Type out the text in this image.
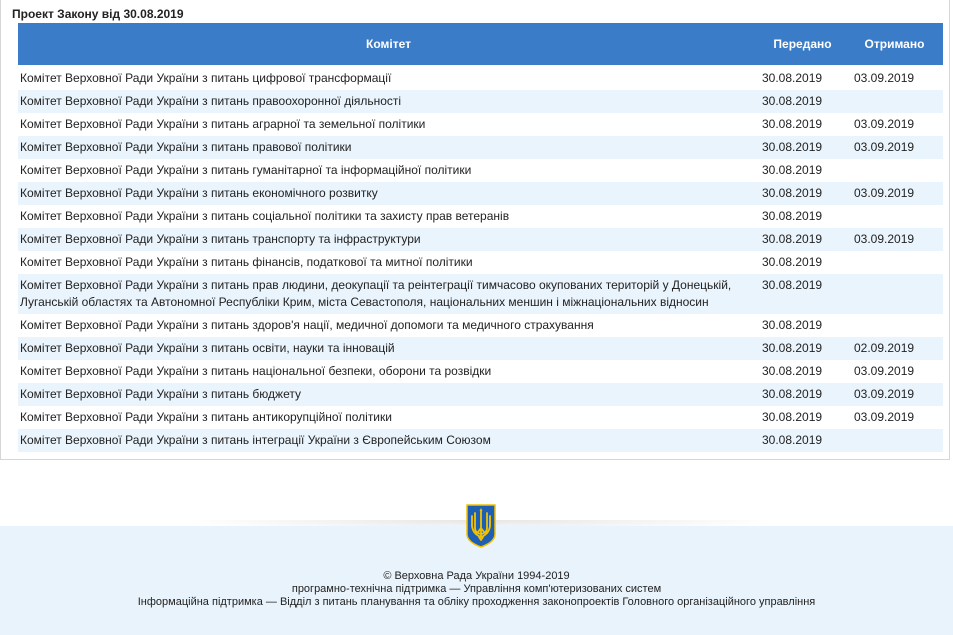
Проект Закону від 30.08.2019
Комітет	Передано	Отримано
Комітет Верховної Ради України з питань цифрової трансформації	30.08.2019	03.09.2019
Комітет Верховної Ради України з питань правоохоронної діяльності	30.08.2019	
Комітет Верховної Ради України з питань аграрної та земельної політики	30.08.2019	03.09.2019
Комітет Верховної Ради України з питань правової політики	30.08.2019	03.09.2019
Комітет Верховної Ради України з питань гуманітарної та інформаційної політики	30.08.2019	
Комітет Верховної Ради України з питань економічного розвитку	30.08.2019	03.09.2019
Комітет Верховної Ради України з питань соціальної політики та захисту прав ветеранів	30.08.2019	
Комітет Верховної Ради України з питань транспорту та інфраструктури	30.08.2019	03.09.2019
Комітет Верховної Ради України з питань фінансів, податкової та митної політики	30.08.2019	
Комітет Верховної Ради України з питань прав людини, деокупації та реінтеграції тимчасово окупованих територій у Донецькій, Луганській областях та Автономної Республіки Крим, міста Севастополя, національних меншин і міжнаціональних відносин	30.08.2019	
Комітет Верховної Ради України з питань здоров'я нації, медичної допомоги та медичного страхування	30.08.2019	
Комітет Верховної Ради України з питань освіти, науки та інновацій	30.08.2019	02.09.2019
Комітет Верховної Ради України з питань національної безпеки, оборони та розвідки	30.08.2019	03.09.2019
Комітет Верховної Ради України з питань бюджету	30.08.2019	03.09.2019
Комітет Верховної Ради України з питань антикорупційної політики	30.08.2019	03.09.2019
Комітет Верховної Ради України з питань інтеграції України з Європейським Союзом	30.08.2019	
© Верховна Рада України 1994-2019
програмно-технічна підтримка — Управління комп'ютеризованих систем
Інформаційна підтримка — Відділ з питань планування та обліку проходження законопроектів Головного організаційного управління
